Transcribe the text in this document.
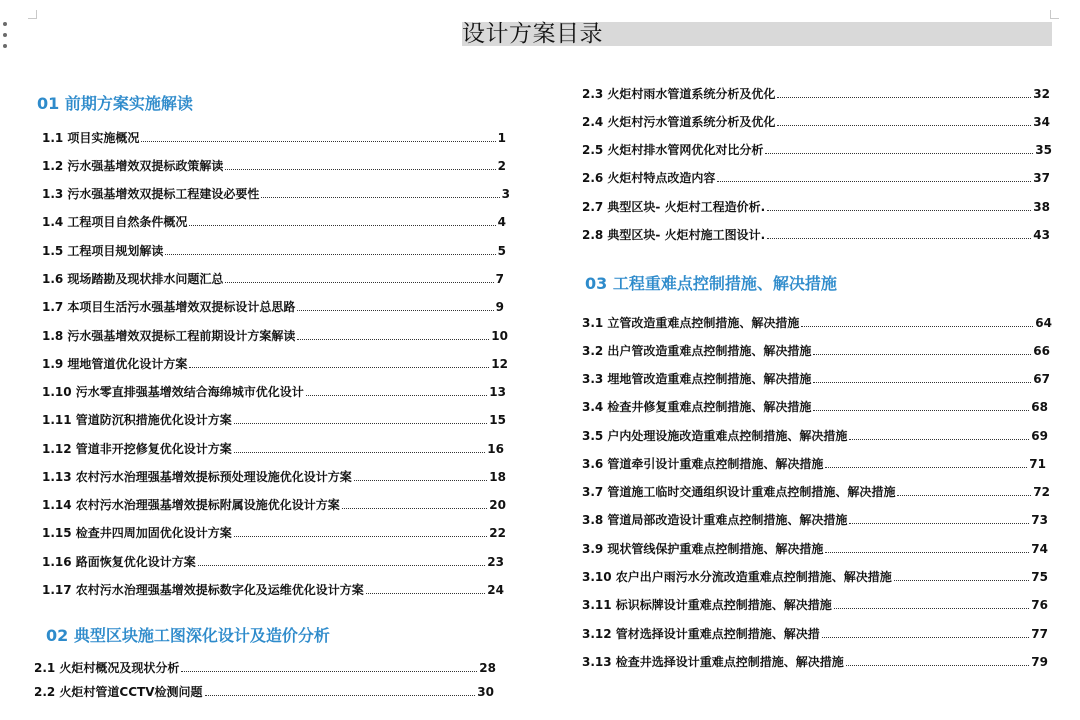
设计方案目录
01 前期方案实施解读
1.1 项目实施概况	1
1.2 污水强基增效双提标政策解读	2
1.3 污水强基增效双提标工程建设必要性	3
1.4 工程项目自然条件概况	4
1.5 工程项目规划解读	5
1.6 现场踏勘及现状排水问题汇总	7
1.7 本项目生活污水强基增效双提标设计总思路	9
1.8 污水强基增效双提标工程前期设计方案解读	10
1.9 埋地管道优化设计方案	12
1.10 污水零直排强基增效结合海绵城市优化设计	13
1.11 管道防沉积措施优化设计方案	15
1.12 管道非开挖修复优化设计方案	16
1.13 农村污水治理强基增效提标预处理设施优化设计方案	18
1.14 农村污水治理强基增效提标附属设施优化设计方案	20
1.15 检查井四周加固优化设计方案	22
1.16 路面恢复优化设计方案	23
1.17 农村污水治理强基增效提标数字化及运维优化设计方案	24
02 典型区块施工图深化设计及造价分析
2.1 火炬村概况及现状分析	28
2.2 火炬村管道CCTV检测问题	30
2.3 火炬村雨水管道系统分析及优化	32
2.4 火炬村污水管道系统分析及优化	34
2.5 火炬村排水管网优化对比分析	35
2.6 火炬村特点改造内容	37
2.7 典型区块- 火炬村工程造价析.	38
2.8 典型区块- 火炬村施工图设计.	43
03 工程重难点控制措施、解决措施
3.1 立管改造重难点控制措施、解决措施	64
3.2 出户管改造重难点控制措施、解决措施	66
3.3 埋地管改造重难点控制措施、解决措施	67
3.4 检查井修复重难点控制措施、解决措施	68
3.5 户内处理设施改造重难点控制措施、解决措施	69
3.6 管道牵引设计重难点控制措施、解决措施	71
3.7 管道施工临时交通组织设计重难点控制措施、解决措施	72
3.8 管道局部改造设计重难点控制措施、解决措施	73
3.9 现状管线保护重难点控制措施、解决措施	74
3.10 农户出户雨污水分流改造重难点控制措施、解决措施	75
3.11 标识标牌设计重难点控制措施、解决措施	76
3.12 管材选择设计重难点控制措施、解决措	77
3.13 检查井选择设计重难点控制措施、解决措施	79
